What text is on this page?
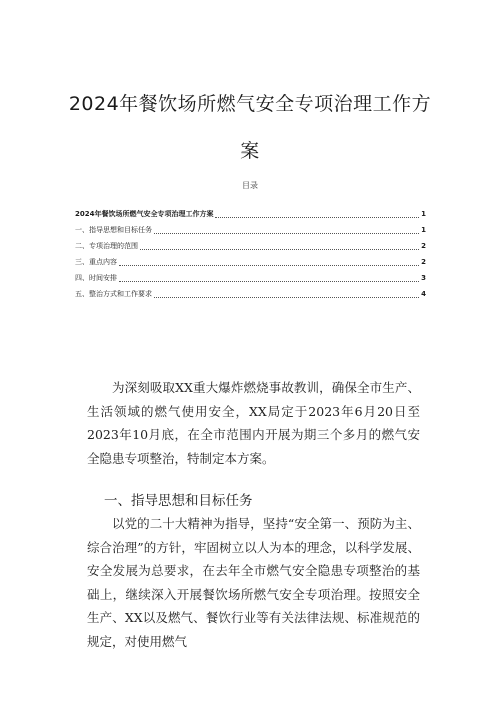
2024年餐饮场所燃气安全专项治理工作方
案
目录
2024年餐饮场所燃气安全专项治理工作方案	1
一、指导思想和目标任务	1
二、专项治理的范围	2
三、重点内容	2
四、时间安排	3
五、整治方式和工作要求	4
为深刻吸取XX重大爆炸燃烧事故教训，确保全市生产、生活领域的燃气使用安全，XX局定于2023年6月20日至2023年10月底，在全市范围内开展为期三个多月的燃气安全隐患专项整治，特制定本方案。
一、指导思想和目标任务
以党的二十大精神为指导，坚持“安全第一、预防为主、综合治理”的方针，牢固树立以人为本的理念，以科学发展、安全发展为总要求，在去年全市燃气安全隐患专项整治的基础上，继续深入开展餐饮场所燃气安全专项治理。按照安全生产、XX以及燃气、餐饮行业等有关法律法规、标准规范的规定，对使用燃气
